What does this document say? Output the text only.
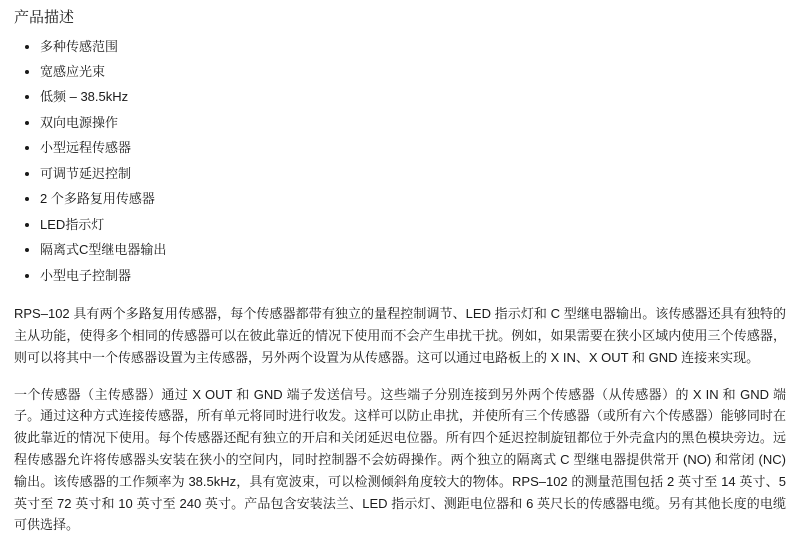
产品描述
多种传感范围
宽感应光束
低频 – 38.5kHz
双向电源操作
小型远程传感器
可调节延迟控制
2 个多路复用传感器
LED指示灯
隔离式C型继电器输出
小型电子控制器

RPS–102 具有两个多路复用传感器，每个传感器都带有独立的量程控制调节、LED 指示灯和 C 型继电器输出。该传感器还具有独特的主从功能，使得多个相同的传感器可以在彼此靠近的情况下使用而不会产生串扰干扰。例如，如果需要在狭小区域内使用三个传感器，则可以将其中一个传感器设置为主传感器，另外两个设置为从传感器。这可以通过电路板上的 X IN、X OUT 和 GND 连接来实现。

一个传感器（主传感器）通过 X OUT 和 GND 端子发送信号。这些端子分别连接到另外两个传感器（从传感器）的 X IN 和 GND 端子。通过这种方式连接传感器，所有单元将同时进行收发。这样可以防止串扰，并使所有三个传感器（或所有六个传感器）能够同时在彼此靠近的情况下使用。每个传感器还配有独立的开启和关闭延迟电位器。所有四个延迟控制旋钮都位于外壳盒内的黑色模块旁边。远程传感器允许将传感器头安装在狭小的空间内，同时控制器不会妨碍操作。两个独立的隔离式 C 型继电器提供常开 (NO) 和常闭 (NC) 输出。该传感器的工作频率为 38.5kHz，具有宽波束，可以检测倾斜角度较大的物体。RPS–102 的测量范围包括 2 英寸至 14 英寸、5 英寸至 72 英寸和 10 英寸至 240 英寸。产品包含安装法兰、LED 指示灯、测距电位器和 6 英尺长的传感器电缆。另有其他长度的电缆可供选择。
